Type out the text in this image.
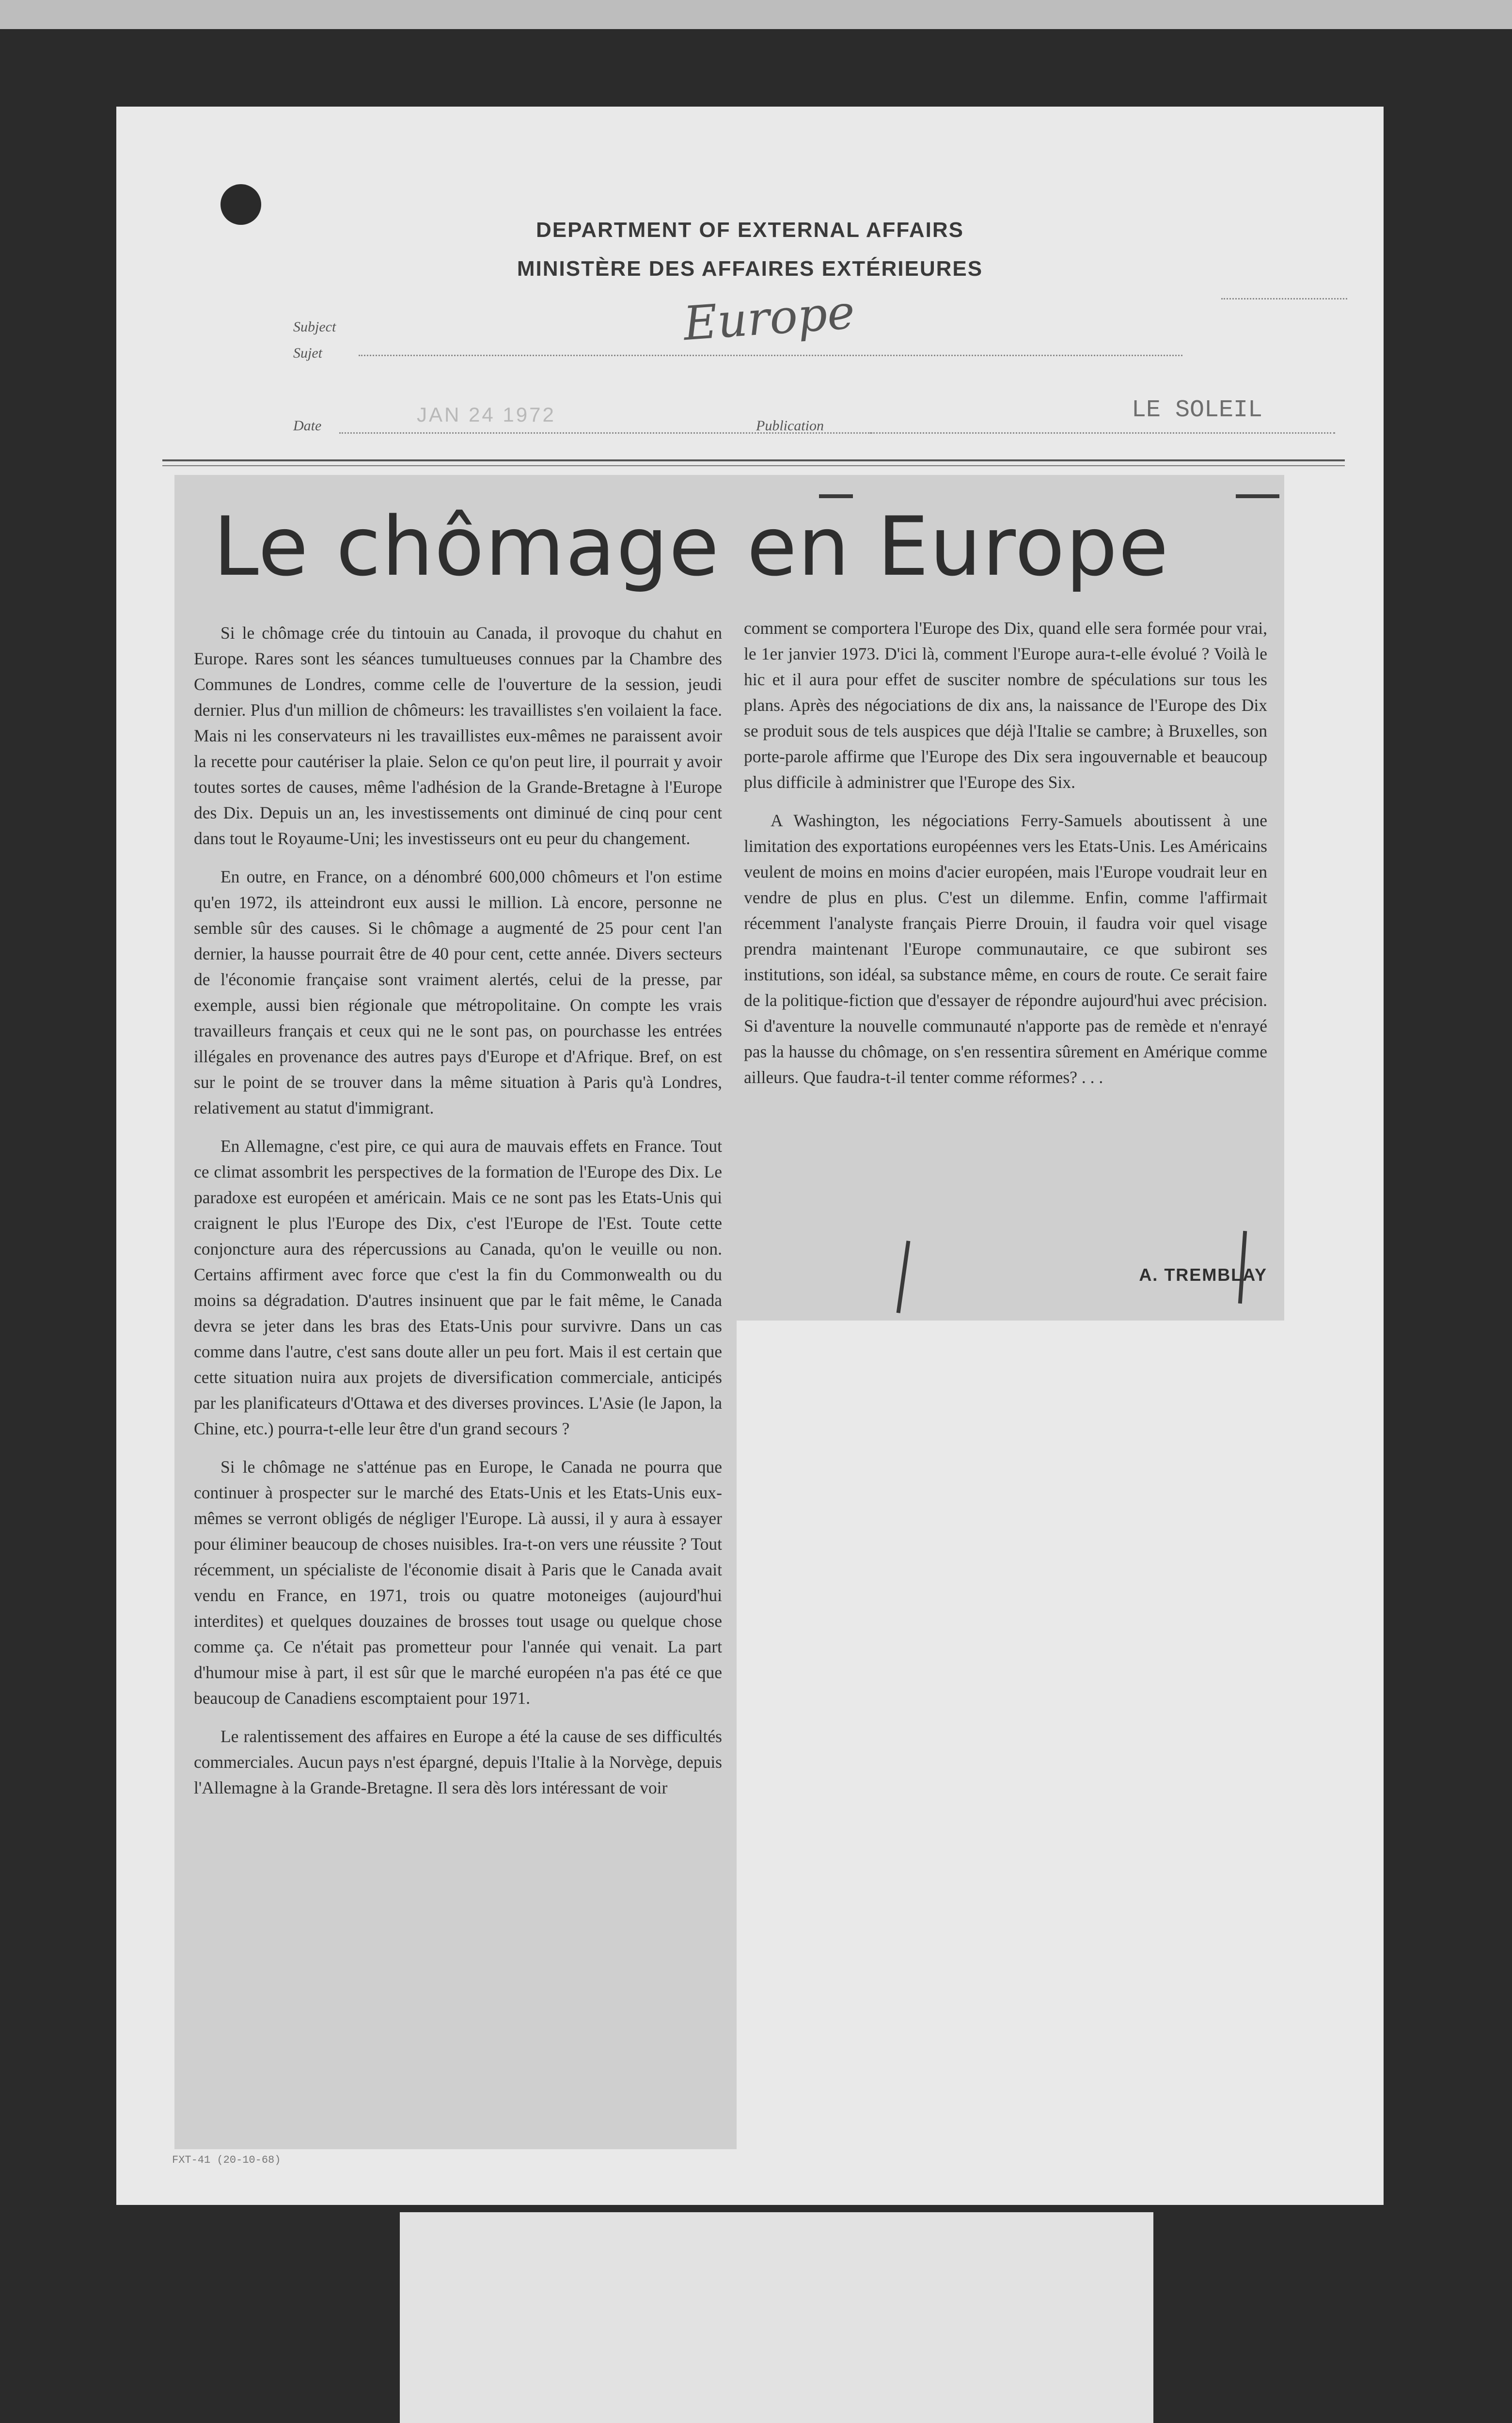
DEPARTMENT OF EXTERNAL AFFAIRS
MINISTÈRE DES AFFAIRES EXTÉRIEURES
Subject
Sujet
Europe
Date	JAN 24 1972	Publication
LE SOLEIL
Le chômage en Europe

Si le chômage crée du tintouin au Canada, il provoque du chahut en Europe. Rares sont les séances tumultueuses connues par la Chambre des Communes de Londres, comme celle de l'ouverture de la session, jeudi dernier. Plus d'un million de chômeurs: les travaillistes s'en voilaient la face. Mais ni les conservateurs ni les travaillistes eux-mêmes ne paraissent avoir la recette pour cautériser la plaie. Selon ce qu'on peut lire, il pourrait y avoir toutes sortes de causes, même l'adhésion de la Grande-Bretagne à l'Europe des Dix. Depuis un an, les investissements ont diminué de cinq pour cent dans tout le Royaume-Uni; les investisseurs ont eu peur du changement.

En outre, en France, on a dénombré 600,000 chômeurs et l'on estime qu'en 1972, ils atteindront eux aussi le million. Là encore, personne ne semble sûr des causes. Si le chômage a augmenté de 25 pour cent l'an dernier, la hausse pourrait être de 40 pour cent, cette année. Divers secteurs de l'économie française sont vraiment alertés, celui de la presse, par exemple, aussi bien régionale que métropolitaine. On compte les vrais travailleurs français et ceux qui ne le sont pas, on pourchasse les entrées illégales en provenance des autres pays d'Europe et d'Afrique. Bref, on est sur le point de se trouver dans la même situation à Paris qu'à Londres, relativement au statut d'immigrant.

En Allemagne, c'est pire, ce qui aura de mauvais effets en France. Tout ce climat assombrit les perspectives de la formation de l'Europe des Dix. Le paradoxe est européen et américain. Mais ce ne sont pas les Etats-Unis qui craignent le plus l'Europe des Dix, c'est l'Europe de l'Est. Toute cette conjoncture aura des répercussions au Canada, qu'on le veuille ou non. Certains affirment avec force que c'est la fin du Commonwealth ou du moins sa dégradation. D'autres insinuent que par le fait même, le Canada devra se jeter dans les bras des Etats-Unis pour survivre. Dans un cas comme dans l'autre, c'est sans doute aller un peu fort. Mais il est certain que cette situation nuira aux projets de diversification commerciale, anticipés par les planificateurs d'Ottawa et des diverses provinces. L'Asie (le Japon, la Chine, etc.) pourra-t-elle leur être d'un grand secours ?

Si le chômage ne s'atténue pas en Europe, le Canada ne pourra que continuer à prospecter sur le marché des Etats-Unis et les Etats-Unis eux-mêmes se verront obligés de négliger l'Europe. Là aussi, il y aura à essayer pour éliminer beaucoup de choses nuisibles. Ira-t-on vers une réussite ? Tout récemment, un spécialiste de l'économie disait à Paris que le Canada avait vendu en France, en 1971, trois ou quatre motoneiges (aujourd'hui interdites) et quelques douzaines de brosses tout usage ou quelque chose comme ça. Ce n'était pas prometteur pour l'année qui venait. La part d'humour mise à part, il est sûr que le marché européen n'a pas été ce que beaucoup de Canadiens escomptaient pour 1971.

Le ralentissement des affaires en Europe a été la cause de ses difficultés commerciales. Aucun pays n'est épargné, depuis l'Italie à la Norvège, depuis l'Allemagne à la Grande-Bretagne. Il sera dès lors intéressant de voir

comment se comportera l'Europe des Dix, quand elle sera formée pour vrai, le 1er janvier 1973. D'ici là, comment l'Europe aura-t-elle évolué ? Voilà le hic et il aura pour effet de susciter nombre de spéculations sur tous les plans. Après des négociations de dix ans, la naissance de l'Europe des Dix se produit sous de tels auspices que déjà l'Italie se cambre; à Bruxelles, son porte-parole affirme que l'Europe des Dix sera ingouvernable et beaucoup plus difficile à administrer que l'Europe des Six.

A Washington, les négociations Ferry-Samuels aboutissent à une limitation des exportations européennes vers les Etats-Unis. Les Américains veulent de moins en moins d'acier européen, mais l'Europe voudrait leur en vendre de plus en plus. C'est un dilemme. Enfin, comme l'affirmait récemment l'analyste français Pierre Drouin, il faudra voir quel visage prendra maintenant l'Europe communautaire, ce que subiront ses institutions, son idéal, sa substance même, en cours de route. Ce serait faire de la politique-fiction que d'essayer de répondre aujourd'hui avec précision. Si d'aventure la nouvelle communauté n'apporte pas de remède et n'enrayé pas la hausse du chômage, on s'en ressentira sûrement en Amérique comme ailleurs. Que faudra-t-il tenter comme réformes? . . .

A. TREMBLAY
FXT-41 (20-10-68)
